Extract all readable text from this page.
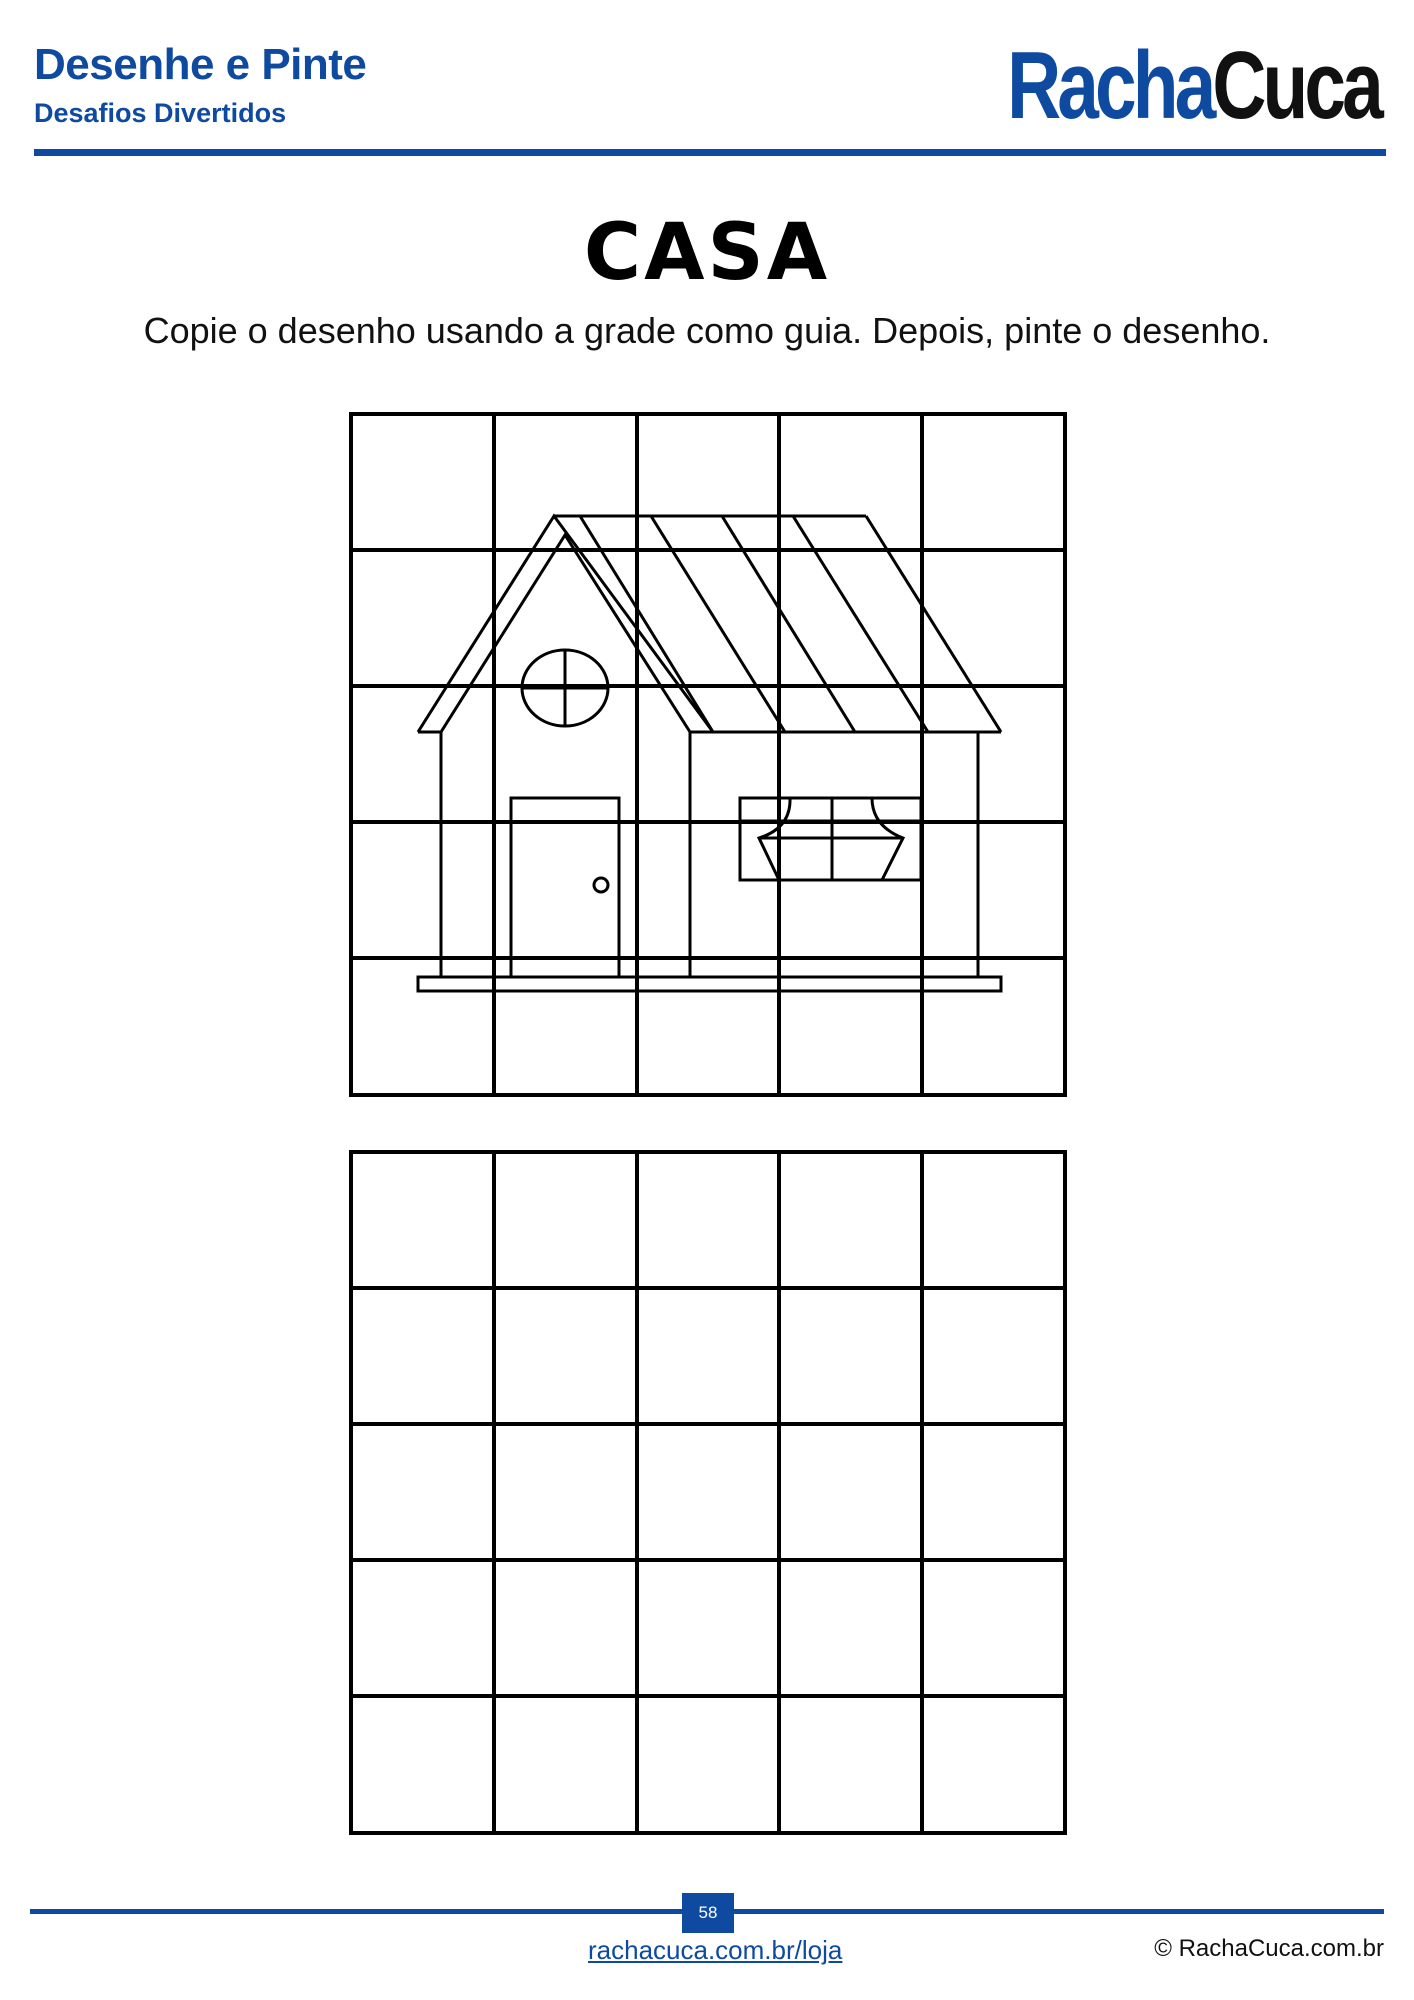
Desenhe e Pinte
Desafios Divertidos	RachaCuca
CASA
Copie o desenho usando a grade como guia. Depois, pinte o desenho.
58
rachacuca.com.br/loja	© RachaCuca.com.br
